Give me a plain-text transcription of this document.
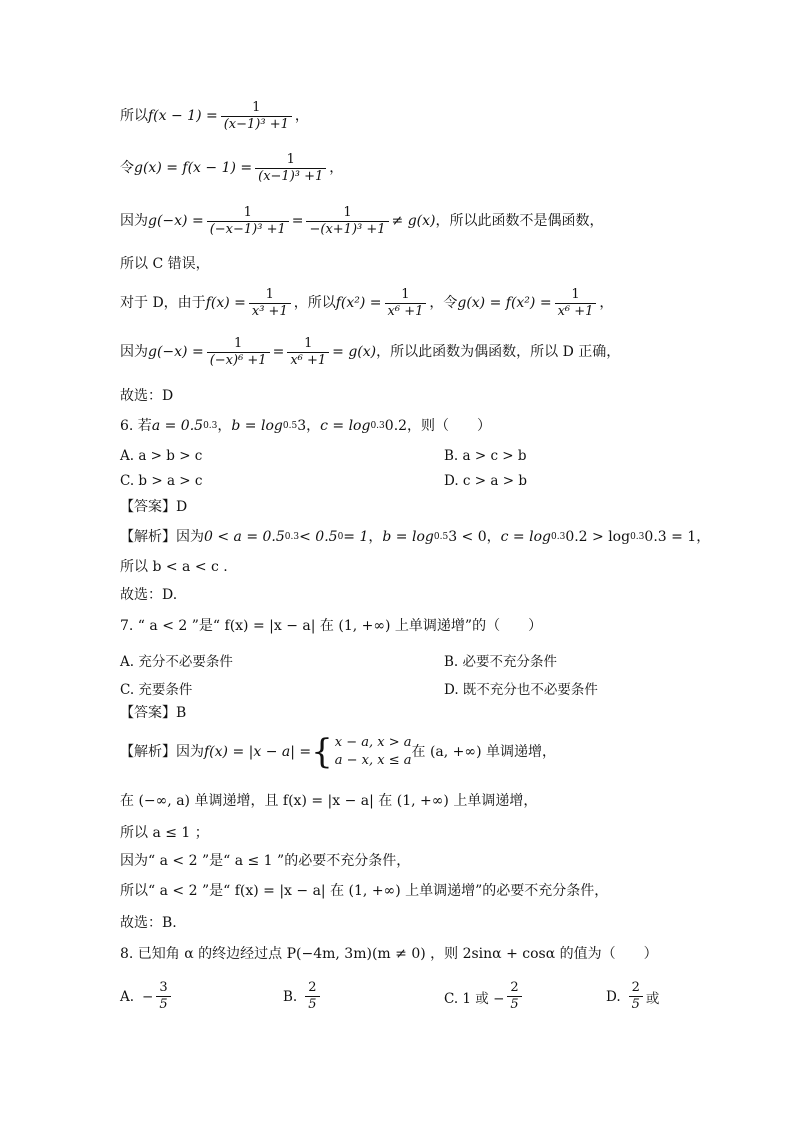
所以 $f(x - 1) = \frac{1}{\text{(x−1)³ +1}}$ ，
令 $g(x) = f(x - 1) = \frac{1}{\text{(x−1)³ +1}}$ ，
因为 $g(-x) = \frac{1}{\text{(−x−1)³ +1}} = \frac{1}{\text{−(x+1)³ +1}} \ne g(x)$ ，所以此函数不是偶函数，
所以 C 错误，
对于 D，由于 $f(x) = \frac{1}{\text{x³ +1}}$ ，所以 $f(x^2) = \frac{1}{\text{x⁶ +1}}$ ，令 $g(x) = f(x^2) = \frac{1}{\text{x⁶ +1}}$ ，
因为 $g(-x) = \frac{1}{\text{(−x)⁶ +1}} = \frac{1}{\text{x⁶ +1}} = g(x)$ ，所以此函数为偶函数，所以 D 正确，
故选：D
6. 若 a = 0.5 0.3 ， b = log 0.5 3 ， c = log 0.3 0.2 ，则（　　）
A. a > b > c	B. a > c > b
C. b > a > c	D. c > a > b
【答案】D
【解析】因为 0 < a = 0.5 0.3 < 0.5 0 = 1 ， b = log 0.5 3 < 0 ， c = log 0.3 0.2 > log 0.3 0.3 = 1 ，
所以 b < a < c .
故选：D.
7. “ a < 2 ”是“ f(x) = |x − a| 在 (1, +∞) 上单调递增”的（　　）
A. 充分不必要条件	B. 必要不充分条件
C. 充要条件	D. 既不充分也不必要条件
【答案】B
【解析】因为 f(x) = |x − a| = { x − a, x > a
a − x, x ≤ a
在 (a, +∞) 单调递增，
在 (−∞, a) 单调递增，且 f(x) = |x − a| 在 (1, +∞) 上单调递增，
所以 a ≤ 1 ；
因为“ a < 2 ”是“ a ≤ 1 ”的必要不充分条件，
所以“ a < 2 ”是“ f(x) = |x − a| 在 (1, +∞) 上单调递增”的必要不充分条件，
故选：B.
8. 已知角 α 的终边经过点 P(−4m, 3m)(m ≠ 0) ，则 2sinα + cosα 的值为（　　）
A. − $\frac{3}{5}$	B. $\frac{2}{5}$	C. 1 或 − $\frac{2}{5}$	D. $\frac{2}{5}$ 或
